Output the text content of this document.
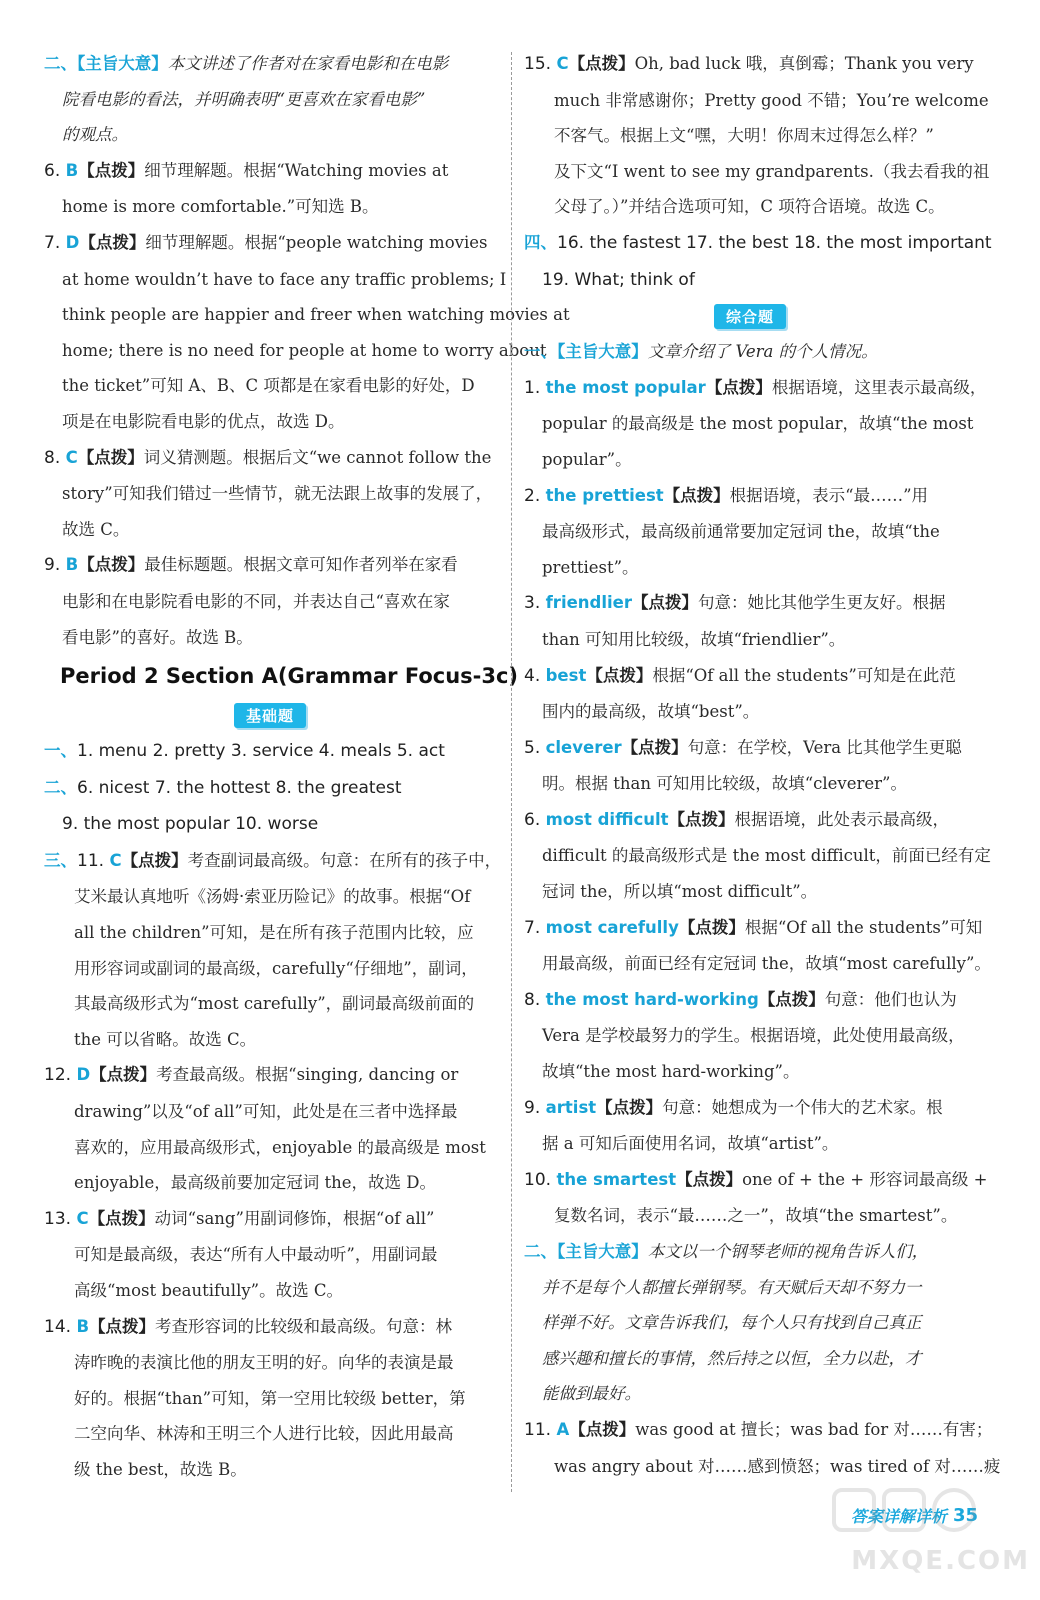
二、【主旨大意】本文讲述了作者对在家看电影和在电影
院看电影的看法，并明确表明“更喜欢在家看电影”
的观点。
6. B【点拨】细节理解题。根据“Watching movies at
home is more comfortable.”可知选 B。
7. D【点拨】细节理解题。根据“people watching movies
at home wouldn’t have to face any traffic problems; I
think people are happier and freer when watching movies at
home; there is no need for people at home to worry about
the ticket”可知 A、B、C 项都是在家看电影的好处，D
项是在电影院看电影的优点，故选 D。
8. C【点拨】词义猜测题。根据后文“we cannot follow the
story”可知我们错过一些情节，就无法跟上故事的发展了，
故选 C。
9. B【点拨】最佳标题题。根据文章可知作者列举在家看
电影和在电影院看电影的不同，并表达自己“喜欢在家
看电影”的喜好。故选 B。
Period 2 Section A(Grammar Focus-3c)
基础题
一、1. menu 2. pretty 3. service 4. meals 5. act
二、6. nicest 7. the hottest 8. the greatest
9. the most popular 10. worse
三、11. C【点拨】考查副词最高级。句意：在所有的孩子中，
艾米最认真地听《汤姆·索亚历险记》的故事。根据“Of
all the children”可知，是在所有孩子范围内比较，应
用形容词或副词的最高级，carefully“仔细地”，副词，
其最高级形式为“most carefully”，副词最高级前面的
the 可以省略。故选 C。
12. D【点拨】考查最高级。根据“singing, dancing or
drawing”以及“of all”可知，此处是在三者中选择最
喜欢的，应用最高级形式，enjoyable 的最高级是 most
enjoyable，最高级前要加定冠词 the，故选 D。
13. C【点拨】动词“sang”用副词修饰，根据“of all”
可知是最高级，表达“所有人中最动听”，用副词最
高级“most beautifully”。故选 C。
14. B【点拨】考查形容词的比较级和最高级。句意：林
涛昨晚的表演比他的朋友王明的好。向华的表演是最
好的。根据“than”可知，第一空用比较级 better，第
二空向华、林涛和王明三个人进行比较，因此用最高
级 the best，故选 B。
15. C【点拨】Oh, bad luck 哦，真倒霉；Thank you very
much 非常感谢你；Pretty good 不错；You’re welcome
不客气。根据上文“嘿，大明！你周末过得怎么样？”
及下文“I went to see my grandparents.（我去看我的祖
父母了。）”并结合选项可知，C 项符合语境。故选 C。
四、16. the fastest 17. the best 18. the most important
19. What; think of
综合题
一、【主旨大意】文章介绍了 Vera 的个人情况。
1. the most popular【点拨】根据语境，这里表示最高级，
popular 的最高级是 the most popular，故填“the most
popular”。
2. the prettiest【点拨】根据语境，表示“最……”用
最高级形式，最高级前通常要加定冠词 the，故填“the
prettiest”。
3. friendlier【点拨】句意：她比其他学生更友好。根据
than 可知用比较级，故填“friendlier”。
4. best【点拨】根据“Of all the students”可知是在此范
围内的最高级，故填“best”。
5. cleverer【点拨】句意：在学校，Vera 比其他学生更聪
明。根据 than 可知用比较级，故填“cleverer”。
6. most difficult【点拨】根据语境，此处表示最高级，
difficult 的最高级形式是 the most difficult，前面已经有定
冠词 the，所以填“most difficult”。
7. most carefully【点拨】根据“Of all the students”可知
用最高级，前面已经有定冠词 the，故填“most carefully”。
8. the most hard-working【点拨】句意：他们也认为
Vera 是学校最努力的学生。根据语境，此处使用最高级，
故填“the most hard-working”。
9. artist【点拨】句意：她想成为一个伟大的艺术家。根
据 a 可知后面使用名词，故填“artist”。
10. the smartest【点拨】one of + the + 形容词最高级 +
复数名词，表示“最……之一”，故填“the smartest”。
二、【主旨大意】本文以一个钢琴老师的视角告诉人们，
并不是每个人都擅长弹钢琴。有天赋后天却不努力一
样弹不好。文章告诉我们，每个人只有找到自己真正
感兴趣和擅长的事情，然后持之以恒，全力以赴，才
能做到最好。
11. A【点拨】was good at 擅长；was bad for 对……有害；
was angry about 对……感到愤怒；was tired of 对……疲
答案详解详析 35
MXQE.COM
